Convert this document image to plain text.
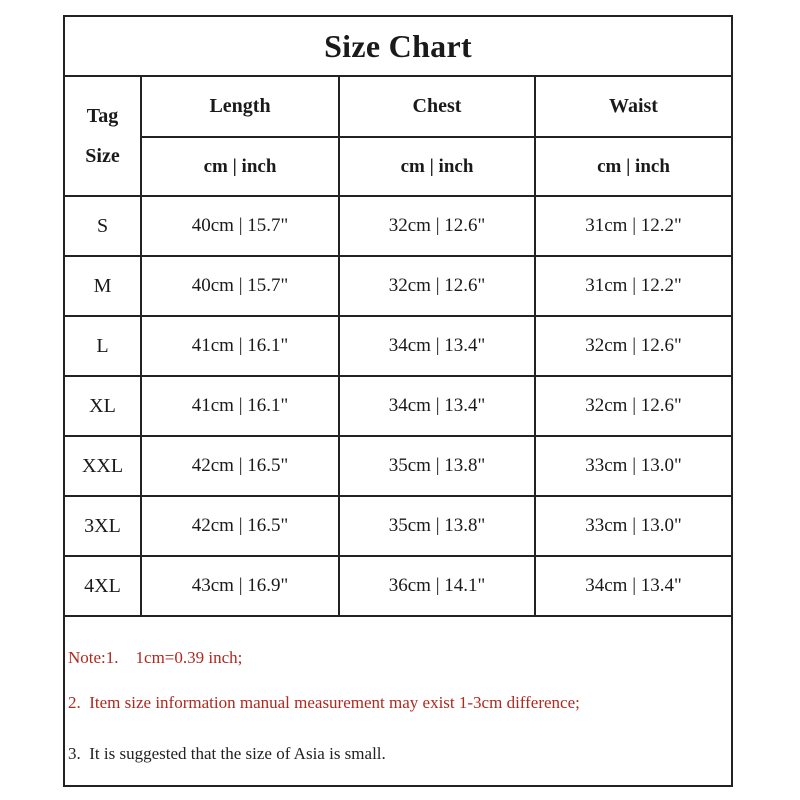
Size Chart
Tag
Size	Length	Chest	Waist
	cm | inch	cm | inch	cm | inch
S	40cm | 15.7"	32cm | 12.6"	31cm | 12.2"
M	40cm | 15.7"	32cm | 12.6"	31cm | 12.2"
L	41cm | 16.1"	34cm | 13.4"	32cm | 12.6"
XL	41cm | 16.1"	34cm | 13.4"	32cm | 12.6"
XXL	42cm | 16.5"	35cm | 13.8"	33cm | 13.0"
3XL	42cm | 16.5"	35cm | 13.8"	33cm | 13.0"
4XL	43cm | 16.9"	36cm | 14.1"	34cm | 13.4"
Note:1.    1cm=0.39 inch;
2.  Item size information manual measurement may exist 1-3cm difference;
3.  It is suggested that the size of Asia is small.
